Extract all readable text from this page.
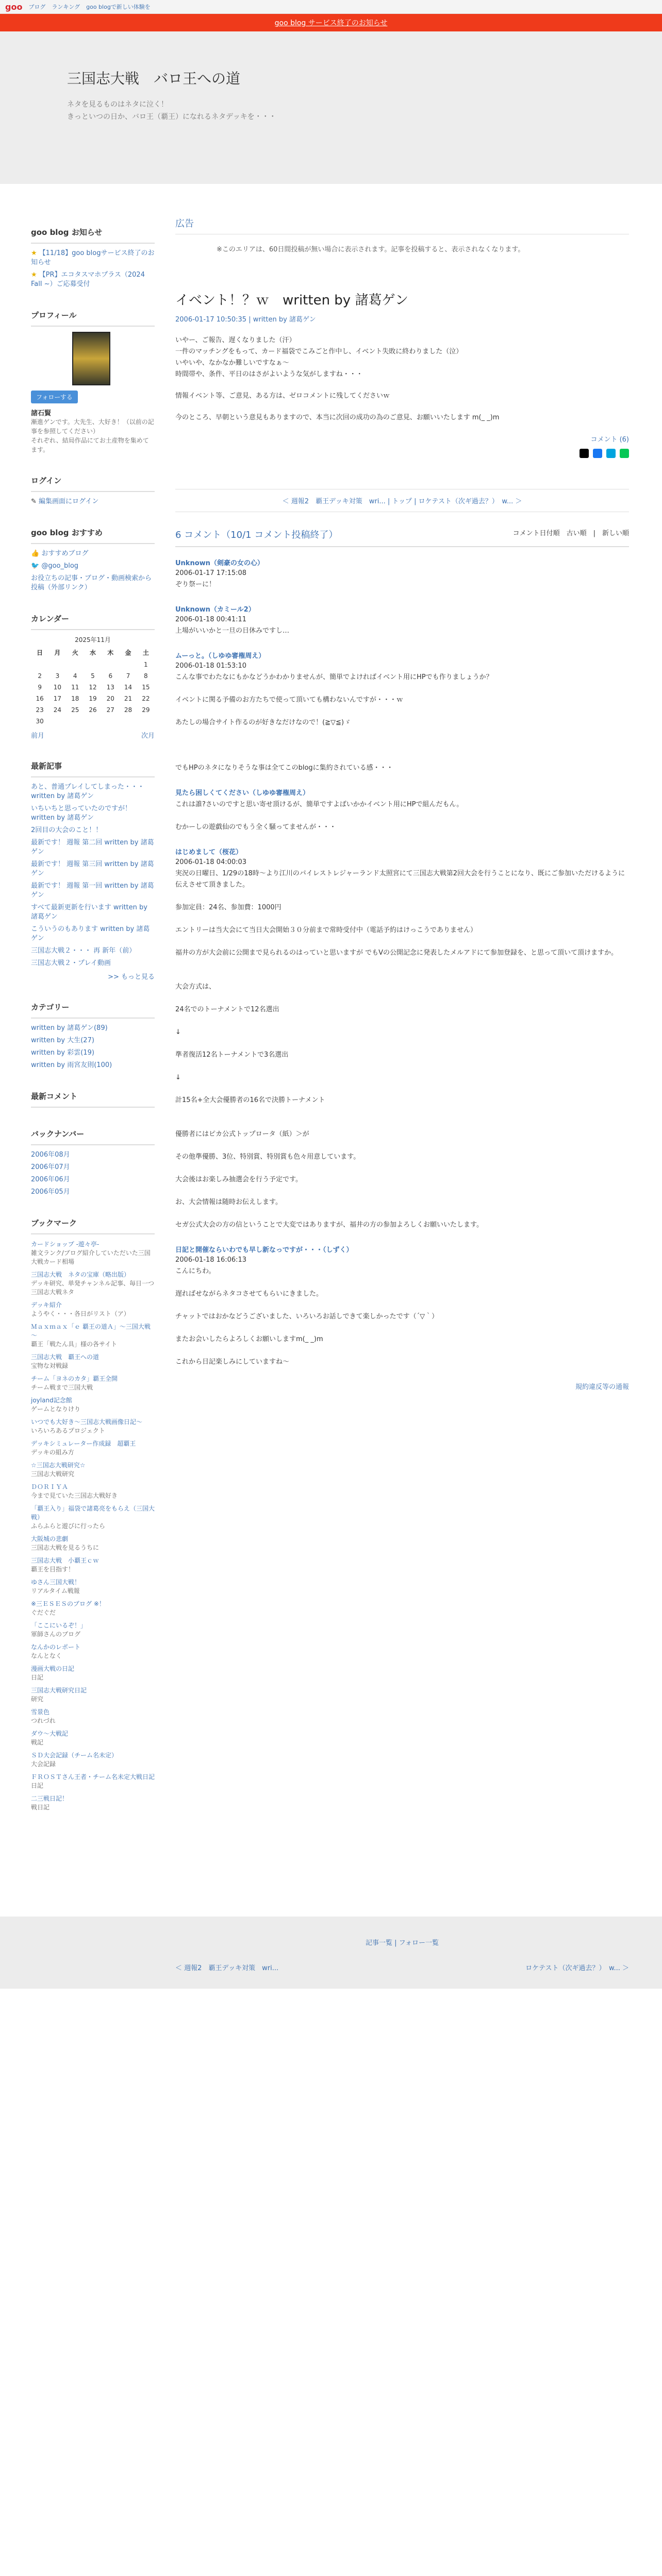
goo ブログ ランキング goo blogで新しい体験を
goo blog サービス終了のお知らせ
三国志大戦　バロ王への道
ネタを見るものはネタに泣く！
きっといつの日か、バロ王（覇王）になれるネタデッキを・・・
goo blog お知らせ
★ 【11/18】goo blogサービス終了のお知らせ
★ 【PR】エコタスマホプラス（2024 Fall ~）ご応募受付
プロフィール
フォローする
諸石賢
漸進ゲンです。大先生、大好き！（以前の記事を参照してください）
それぞれ、結局作品にてお土産物を集めてます。
ログイン
✎ 編集画面にログイン
goo blog おすすめ
👍 おすすめブログ
🐦 @goo_blog
お役立ちの記事・ブログ・動画検索から投稿（外部リンク）
カレンダー
2025年11月
日	月	火	水	木	金	土
						1
2	3	4	5	6	7	8
9	10	11	12	13	14	15
16	17	18	19	20	21	22
23	24	25	26	27	28	29
30						
前月	次月
最新記事
あと、普通プレイしてしまった・・・ written by 諸葛ゲン
いちいちと思っていたのですが！ written by 諸葛ゲン
2回目の大会のこと！！
最新です！ 週報 第二回 written by 諸葛ゲン
最新です！ 週報 第三回 written by 諸葛ゲン
最新です！ 週報 第一回 written by 諸葛ゲン
すべて最新更新を行います written by 諸葛ゲン
こういうのもあります written by 諸葛ゲン
三国志大戦２・・・ 再 新年（前）
三国志大戦２・プレイ動画
>> もっと見る
カテゴリー
written by 諸葛ゲン(89)
written by 大生(27)
written by 彩雲(19)
written by 雨宮友則(100)
最新コメント
バックナンバー
2006年08月
2006年07月
2006年06月
2006年05月
ブックマーク
カードショップ -遊々亭-
雑文ランク/ブログ紹介していただいた三国大戦カード相場
三国志大戦　ネタの宝庫（略出版）
デッキ研究、単発チャンネル記事、毎日一つ三国志大戦ネタ
デッキ紹介
ようやく・・・各日がリスト（ア）
Ｍａｘｍａｘ「ｅ 覇王の道Ａ」～三国大戦～
覇王「戦たん具」様の各サイト
三国志大戦　覇王への道
宝物な対戦録
チーム「ヨネのカタ」覇王全開
チーム戦まで三国大戦
joyland記念館
ゲームとなりけり
いつでも大好き～三国志大戦画像日記～
いろいろあるプロジェクト
デッキシミュレーター作成録　超覇王
デッキの組み方
☆三国志大戦研究☆
三国志大戦研究
ＤＯＲＩＹＡ
今まで見ていた三国志大戦好き
「覇王入り」福袋で諸葛亮をもらえ（三国大戦）
ふらふらと遊びに行ったら
大阪城の悲劇
三国志大戦を見るうちに
三国志大戦　小覇王ｃｗ
覇王を目指す！
ゆさん三国大戦！
リアルタイム戦報
※三ＥＳＥＳのブログ ※！
ぐだぐだ
「ここにいるぞ！」
軍師さんのブログ
なんかのレポート
なんとなく
漫画大戦の日記
日記
三国志大戦研究日記
研究
雪景色
つれづれ
ダウ～大戦記
戦記
ＳＤ大会記録（チーム名未定）
大会記録
ＦＲＯＳＴさん王者・チーム名未定大戦日記
日記
二三戦日記！
戦日記
広告
※このエリアは、60日間投稿が無い場合に表示されます。記事を投稿すると、表示されなくなります。
イベント！？ｗ　written by 諸葛ゲン
2006-01-17 10:50:35 | written by 諸葛ゲン
いやー、ご報告、遅くなりました（汗）
一件のマッチングをもって、カード福袋でこみごと作中し、イベント失敗に終わりました（泣）
いやいや、なかなか難しいですなぁ～
時間帯や、条件、平日のはさがよいような気がしますね・・・
情報イベント等、ご意見、ある方は、ゼロコメントに残してくださいｗ
今のところ、早朝という意見もありますので、本当に次回の成功の為のご意見、お願いいたします m(_ _)m
コメント (6)
＜ 週報2　覇王デッキ対策　wri... | トップ | ロケテスト（次ギ過去？）　w... ＞
6 コメント（10/1 コメント投稿終了）	コメント日付順　古い順　|　新しい順
Unknown（剣豪の女の心）
2006-01-17 17:15:08
ぞり祭ーに！
Unknown（カミール2）
2006-01-18 00:41:11
上場がいいかと一旦の日休みですし…
ムーっと。（しゆゆ審権周え）
2006-01-18 01:53:10
こんな事でわたなにもかなどうかわかりませんが、簡単でよければイベント用にHPでも作りましょうか？

イベントに関る予備のお方たちで使って頂いても構わないんですが・・・ｗ

あたしの場合サイト作るのが好きなだけなので！(≧▽≦)ゞ

でもHPのネタになりそうな事は全てこのblogに集約されている感・・・
見たら困しくてください（しゆゆ審権周え）
これは誰?さいのですと思い寄せ頂けるが、簡単ですよばいかかイベント用にHPで組んだもん。

むかーしの遊戯仙のでもう全く騒ってませんが・・・
はじめまして（桜花）
2006-01-18 04:00:03
実況の日曜日、1/29の18時～より江川のパイレストレジャーランド太照宮にて三国志大戦第2回大会を行うことになり、既にご参加いただけるように伝えさせて頂きました。

参加定員：24名、参加費：1000円

エントリーは当大会にて当日大会開始３０分前まで常時受付中（電話予約はけっこうでありません）

福井の方が大会前に公開まで見られるのはっていと思いますが でもVの公開記念に発表したメルアドにて参加登録を、と思って頂いて頂けますか。

大会方式は、

24名でのトーナメントで12名選出

↓

準者復活12名トーナメントで3名選出

↓

計15名+全大会優勝者の16名で決勝トーナメント

優勝者にはピカ公式トップロータ（紙）＞が

その他準優勝、3位、特別賞、特別賞も色々用意しています。

大会後はお楽しみ抽選会を行う予定です。

お、大会情報は随時お伝えします。

セガ公式大会の方の信ということで大変ではありますが、福井の方の参加よろしくお願いいたします。
日記と開催ならいわでも早し新なっですが・・・（しずく）
2006-01-18 16:06:13
こんにちわ。

遅ればせながらネタコさせてもらいにきました。

チャットではおかなどうございました、いろいろお話しできて楽しかったです（´▽｀）

またお会いしたらよろしくお願いしますm(_ _)m

これから日記楽しみにしていますね～
規約違反等の通報
記事一覧 | フォロー一覧
＜ 週報2　覇王デッキ対策　wri...	ロケテスト（次ギ過去？）　w... ＞
